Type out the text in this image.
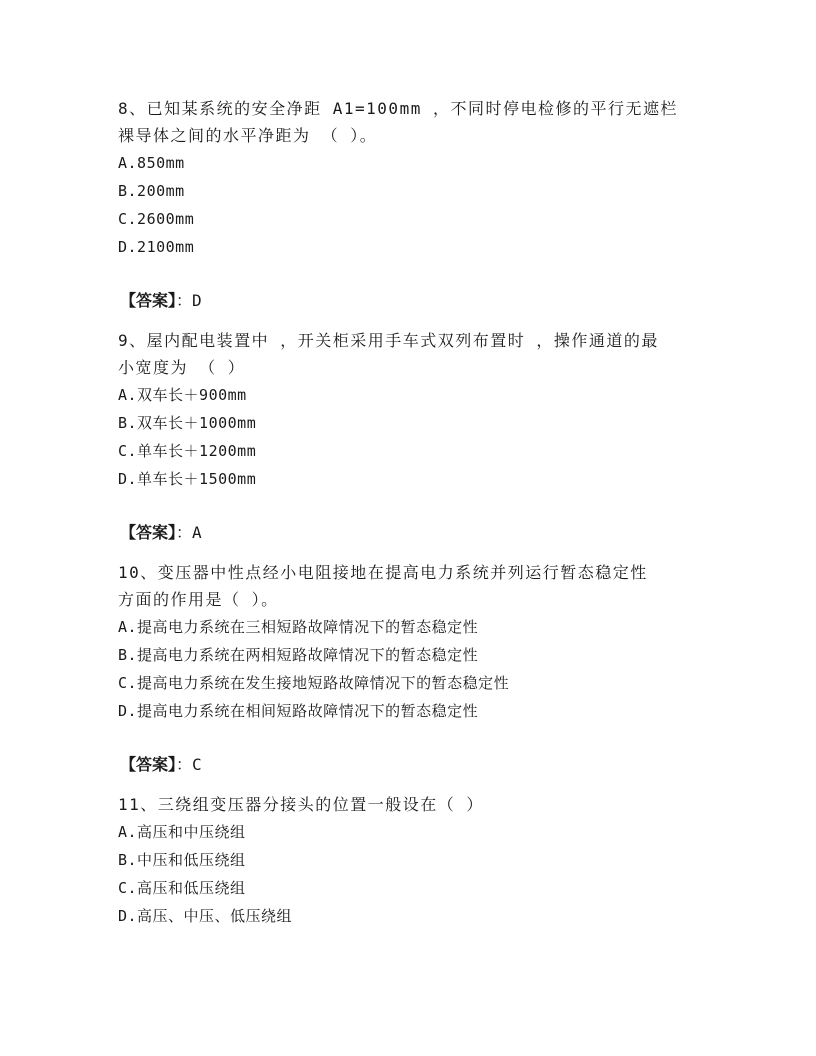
8、已知某系统的安全净距 A1=100mm ，不同时停电检修的平行无遮栏
裸导体之间的水平净距为 （ ）。

A.850mm

B.200mm

C.2600mm

D.2100mm

【答案】：D

9、屋内配电装置中 ，开关柜采用手车式双列布置时 ，操作通道的最
小宽度为 （ ）

A.双车长＋900mm

B.双车长＋1000mm

C.单车长＋1200mm

D.单车长＋1500mm

【答案】：A

10、变压器中性点经小电阻接地在提高电力系统并列运行暂态稳定性
方面的作用是（ ）。

A.提高电力系统在三相短路故障情况下的暂态稳定性

B.提高电力系统在两相短路故障情况下的暂态稳定性

C.提高电力系统在发生接地短路故障情况下的暂态稳定性

D.提高电力系统在相间短路故障情况下的暂态稳定性

【答案】：C

11、三绕组变压器分接头的位置一般设在（ ）

A.高压和中压绕组

B.中压和低压绕组

C.高压和低压绕组

D.高压、中压、低压绕组
